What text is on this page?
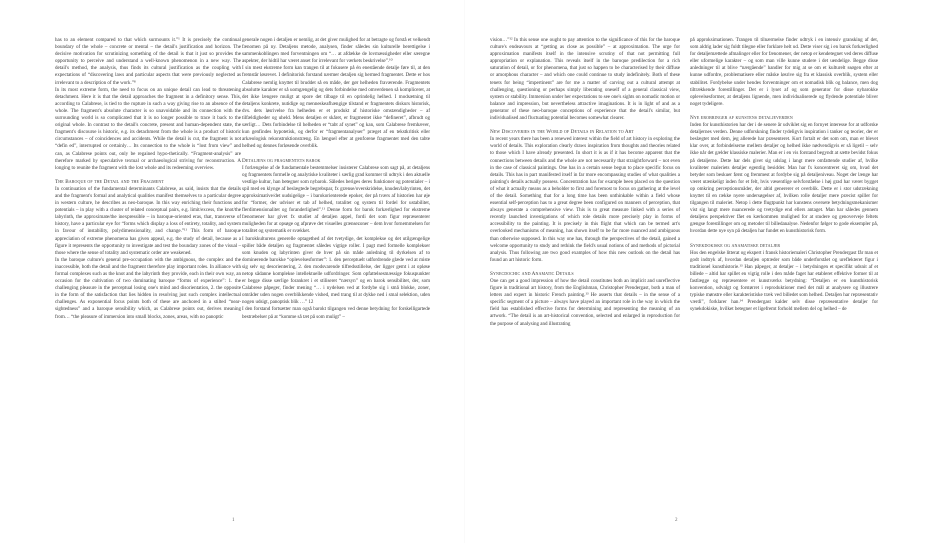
has to an element compared to that which surmounts it.”¹ It is precisely the continual boundary of the whole – concrete or mental – the detail's justification and horizon. The decisive motivation for scrutinizing something of the detail is that it just so provides the opportunity to perceive and understand a well-known phenomenon in a new way. The detail's method, the analysis, thus finds its cultural justification as the coupling with expectations of “discovering laws and particular aspects that were previously neglected as irrelevant to a description of the work.”⁸

In its most extreme form, the need to focus on an unique detail can lead to threatening detachment. Here it is that the detail approaches the fragment in a definitory sense. This, according to Calabrese, is tied to the rupture in such a way giving rise to an absence of the whole. The fragment's absolute character is so unavoidable and its connection with the surrounding world is so complicated that it is no longer possible to trace it back to the original whole. In contrast to the detail's concrete, present and human-dependent state, the fragment's discourse is historic, e.g. its detachment from the whole is a product of historic circumstances – of coincidences and accidents. While the detail is cut, the fragment is not “defin ed”, interrupted or certainly… Its connection to the whole is “lost from view” and can, as Calabrese points out, only be regained hypo-thetically. “Fragment-analysis” are therefore marked by speculative textual or archaeological striving for reconstruction. A longing to reunite the fragment with the lost whole and its redeeming overview.

The Baroque of the Detail and the Fragment

In continuation of the fundamental determinants Calabrese, as said, insists that the details and the fragment's formal and analytical qualities manifest themselves to a particular degree in western culture, he describes as neo-baroque. In this way enriching their functions and potentials – in play with a cluster of related conceptual pairs, e.g. limit/excess, the knot/the labyrinth, the approximate/the inexpressible – in baroque-oriented eras, that, transverse of history, have a particular eye for “forms which display a loss of entirety, totality, and system in favour of instability, polydimensionality, and change.”¹¹ This form of baroque appreciation of extreme phenomena has given appeal, e.g. the study of detail, because as a figure it represents the opportunity to investigate and test the boundary zones of the visual – those where the sense of totality and systematic order are weakened.

In the baroque culture's general pre-occupation with the ambiguous, the complex and the inaccessible, both the detail and the fragment therefore play important roles. In alliance with formal complexes such as the knot and the labyrinth they provide, each in their own way, an occasion for the cultivation of two dominating baroque “forms of experience”: 1. the challenging pleasure in the perceptual losing one's mind and disorientation, 2. the opposite in the form of the satisfaction that lies hidden in resolving just such complex intellectual challenges. As exponential focus points both of these are anchored in a stilted “near-sightedness” and a baroque sensibility which, as Calabrese points out, derives meaning from… “the pleasure of immersion into small blocks, zones, areas, with no panoptic

generale nogen i detaljen er nemlig, at det giver mulighed for at betragte og forstå et velkendt fænomen på ny. Detaljens metode, analysen, finder således sin kulturelle berettigelse i sammenkoblingen med forventningen om “… at afdække de lovmæssigheder eller særegne aspekter, der hidtil har været anset for irrelevant for værkets beskrivelse”.¹⁰

I sin mest ekstreme form kan trangen til at fokusere på én enestående detalje føre til, at den fremstår løsrevet. I definitorisk forstand nærmer detaljen sig hermed fragmentet. Dette er hos Calabrese nemlig knyttet til bruddet så en måde, der gør helheden fraværende. Fragmentets absolutte karakter er så uomgængelig og dets forbindelse med omverdenen så kompliceret, at det ikke længere muligt at spore det tilbage til en oprindelig helhed. I modsætning til detaljens konkrete, nutidige og menneskeafhængige tilstand er fragmentets diskurs historisk, dvs. dets løsrivelse fra helheden er et produkt af historiske omstændigheder – af tilfældigheder og uheld. Mens detaljen er skåret, er fragmentet ikke “defineret”, afbrudt og særligt… Dets forbindelse til helheden er “tabt af synet” og kan, som Calabrese fremhæver, kun genfindes hypotetisk, og derfor er “fragmentanalyser” præget af en tekstkritisk eller arkæologisk rekonstruktionstræng. En længsel efter at genforene fragmentet med den tabte helhed og dennes forløsende overblik.

Detaljens og fragmentets barok

I forlængelse af de fundamentale bestemmelser insisterer Calabrese som sagt på, at detaljens og fragmentets formelle og analytiske kvaliteter i særlig grad kommer til udtryk i den aktuelle vestlige kultur, han betegner som nybarok. Således beriges deres funktioner og potentialer – i spil med en klynge af beslægtede begrebspar, fx grænse/overskridelse, knuden/labyrinten, det approksimative/det uudsigelige – i barokorienterede epoker, der på tværs af historien har øje for “former, der udviser et tab af helhed, totalitet og system til fordel for ustabilitet, flerdimensionalitet og foranderlighed”.¹¹ Denne form for barok forkærlighed for ekstreme fænomener har givet fx studiet af detaljen appel, fordi det som figur repræsenterer muligheden for at opsøge og afprøve det visuelles grænsezoner – dem hvor fornemmelsen for totalitet og systematik er svækket.

I barokkulturens generelle optagethed af det tvetydige, det komplekse og det utilgængelige spiller både detaljen og fragmentet således vigtige roller. I pagt med formelle komplekser som knuden og labyrinten giver de hver på sin måde anledning til dyrkelsen af to dominerende barokke “oplevelsesformer”: 1. den perceptuelt udfordrende glæde ved at miste sig selv og desorientering, 2. den modsvarende tilfredsstillelse, der ligger gemt i at opløse netop sådanne komplekse intellektuelle udfordringer. Som opfattelsesmæssige fokuspunkter er begge disse særlige forankret i et stiliseret “nærsyn” og en barok sensibilitet, der, som Calabrese påpeger, finder mening “… i nydelsen ved at fordybe sig i små blokke, zoner, områder uden nogen overblikkende vished, med trang til at dykke ned i smal selektion, uden nogen udsigt, panoptisk blik …” 12

I den forstand fortsætter man også barokt tilgangen ved denne betydning for forskelligartede bestræbelser på at “komme så tæt på som muligt” –

1

vision…”¹² In this sense one ought to pay attention to the significance of this for the baroque culture's endeavours at “getting as close as possible” – at approximation. The urge for approximation manifests itself in the intensive scrutiny of that not permitting full appropriation or explanation. This reveals itself in the baroque predilection for a rich saturation of detail, or for phenomena, that just so happen to be characterised by their diffuse or amorphous character – and which one could continue to study indefinitely. Both of these tenets for being “impertinent” are for me a matter of carving out a cultural attempt at challenging, questioning or perhaps simply liberating oneself of a general classical view, system or stability. Immersion under her expectations to see one's sights on nomadic motion or balance and impression, but nevertheless attractive imaginations. It is in light of and as a generator of these neo-baroque conceptions of experience that the detail's similar, but individualised and fluctuating potential becomes somewhat clearer.

New Discoveries in the World of Details in Relation to Art

In recent years there has been a renewed interest within the field of art history in exploring the world of details. This exploration clearly draws inspiration from thoughts and theories related to those which I have already presented. In short it is as if it has become apparent that the connections between details and the whole are not necessarily that straightforward – not even in the case of classical paintings. One has in a certain sense begun to place specific focus on details. This has in part manifested itself in far more encompassing studies of what qualities a painting's details actually possess. Concentration has for example been placed on the question of what it actually means as a beholder to first and foremost to focus on gathering at the level of the detail. Something that for a long time has been unthinkable within a field whose essential self-perception has to a great degree been configured on manners of perception, that always generate a comprehensive view. This is to great measure linked with a series of recently launched investigations of which role details more precisely play in forms of accessibility to the painting. It is precisely in this flight that which can be termed art's overlooked mechanisms of meaning, has shown itself to be far more nuanced and ambiguous than otherwise supposed. In this way one has, through the perspectives of the detail, gained a welcome opportunity to study and rethink the field's usual notions of and methods of pictorial analysis. Thus following are two good examples of how this new outlook on the detail has found an art historic form.

Synecdochic and Anamatic Details

One can get a good impression of how the detail constitutes both an implicit and unreflective figure in traditional art history, from the Englishman, Christopher Prendergast, both a man of letters and expert in historic French painting.¹³ He asserts that details – in the sense of a specific segment of a picture – always have played an important role in the way in which the field has established effective forms for determining and representing the meaning of an artwork. “The detail is an art-historical convention, selected and enlarged in reproduction for the purpose of analysing and illustrating

på approksimationen. Trangen til tilnærmelse finder udtryk i en intensiv gransking af det, som aldrig lader sig fuldt tilegne eller forklare helt ud. Dette viser sig i en barok forkærlighed for detaljemættede afmalinger eller for fænomener, der netop er kendetegnet ved deres diffuse eller uformelige karakter – og som man ville kunne studere i det uendelige. Begge disse anledninger til at blive “nærgående” handler for mig at se om et kulturelt ssøgen efter at kunne udfordre, problematisere eller måske løsrive sig fra et klassisk overblik, system eller stabilitet. Fordybelse under hendes forventninger om et nomadisk blik og balance, men dog tiltrækkende forestillinger. Det er i lyset af og som generator for disse nybarokke oplevelsesformer, at detaljens lignende, men individualiserede og flydende potentiale bliver noget tydeligere.

Nye erobringer af kunstens detaljeverden

Inden for kunsthistorien har der i de senere år udviklet sig en fornyet interesse for at udforske detaljernes verden. Denne udforskning finder tydeligvis inspiration i tanker og teorier, der er beslægtet med dem, jeg allerede har præsenteret. Kort fortalt er det som om, man er blevet klar over, at forbindelserne mellem detaljer og helhed ikke nødvendigvis er så ligetil – selv ikke når det gælder klassiske malerier. Man er i en vis forstand begyndt at sætte bevidst fokus på detaljerne. Dette har dels givet sig udslag i langt mere omfattende studier af, hvilke kvaliteter maleriets detaljer egentlig besidder. Man har fx koncentreret sig om, hvad det betyder som beskuer først og fremmest at fordybe sig på detaljeniveau. Noget der længe har været utænkeligt inden for et felt, hvis væsentlige selvforståelse i høj grad har været bygget op omkring perceptionsmåder, der altid genererer et overblik. Dette er i stor udstrækning knyttet til en række nyere undersøgelser af, hvilken rolle detaljer mere præcist spiller for tilgangen til maleriet. Netop i dette flugtpunkt har kunstens oversete betydningsmekanismer vist sig langt mere nuancerede og tvetydige end ellers antaget. Man har således gennem detaljens perspektiver fået en kærkommen mulighed for at studere og genoverveje feltets gængse forestillinger om og metoder til billedanalyse. Nedenfor følger to gode eksempler på, hvordan dette nye syn på detaljen har fundet en kunsthistorisk form.

Synekdokiske og anamatiske detaljer

Hos den engelske litterat og ekspert i fransk historiemaleri Christopher Prendergast får man et godt indtryk af, hvordan detaljen optræder som både underforstået og ureflekteret figur i traditionel kunsthistorie.¹³ Han påpeger, at detaljer – i betydningen et specifikt udsnit af et billede – altid har spillet en vigtig rolle i den måde faget har etableret effektive former til at fastlægge og repræsentere et kunstværks betydning: “Detaljen er en kunsthistorisk konvention, udvalgt og forstørret i reproduktioner med det mål at analysere og illustrere typiske mønstre eller karakteristiske træk ved billedet som helhed. Detaljen har repræsentativ værdi”, forklarer han.¹⁴ Prendergast kalder selv disse repræsentative detaljer for synekdokiske, hvilket betegner et ligefremt forhold mellem del og helhed – de

2
